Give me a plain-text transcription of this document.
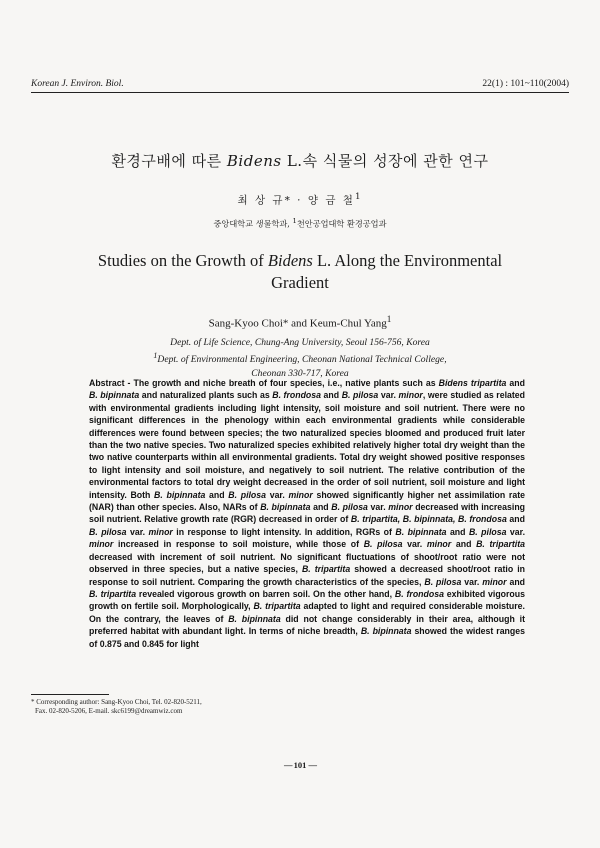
Korean J. Environ. Biol.	22(1) : 101~110(2004)
환경구배에 따른 Bidens L.속 식물의 성장에 관한 연구
최 상 규* · 양 금 철$^1$
중앙대학교 생물학과, $^1$천안공업대학 환경공업과
Studies on the Growth of Bidens L. Along the Environmental Gradient
Sang-Kyoo Choi* and Keum-Chul Yang$^1$
Dept. of Life Science, Chung-Ang University, Seoul 156-756, Korea
$^1$Dept. of Environmental Engineering, Cheonan National Technical College,
Cheonan 330-717, Korea

Abstract - The growth and niche breath of four species, i.e., native plants such as Bidens tripartita and B. bipinnata and naturalized plants such as B. frondosa and B. pilosa var. minor, were studied as related with environmental gradients including light intensity, soil moisture and soil nutrient. There were no significant differences in the phenology within each environmental gradients while considerable differences were found between species; the two naturalized species bloomed and produced fruit later than the two native species. Two naturalized species exhibited relatively higher total dry weight than the two native counterparts within all environmental gradients. Total dry weight showed positive responses to light intensity and soil moisture, and negatively to soil nutrient. The relative contribution of the environmental factors to total dry weight decreased in the order of soil nutrient, soil moisture and light intensity. Both B. bipinnata and B. pilosa var. minor showed significantly higher net assimilation rate (NAR) than other species. Also, NARs of B. bipinnata and B. pilosa var. minor decreased with increasing soil nutrient. Relative growth rate (RGR) decreased in order of B. tripartita, B. bipinnata, B. frondosa and B. pilosa var. minor in response to light intensity. In addition, RGRs of B. bipinnata and B. pilosa var. minor increased in response to soil moisture, while those of B. pilosa var. minor and B. tripartita decreased with increment of soil nutrient. No significant fluctuations of shoot/root ratio were not observed in three species, but a native species, B. tripartita showed a decreased shoot/root ratio in response to soil nutrient. Comparing the growth characteristics of the species, B. pilosa var. minor and B. tripartita revealed vigorous growth on barren soil. On the other hand, B. frondosa exhibited vigorous growth on fertile soil. Morphologically, B. tripartita adapted to light and required considerable moisture. On the contrary, the leaves of B. bipinnata did not change considerably in their area, although it preferred habitat with abundant light. In terms of niche breadth, B. bipinnata showed the widest ranges of 0.875 and 0.845 for light

* Corresponding author: Sang-Kyoo Choi, Tel. 02-820-5211,
Fax. 02-820-5206, E-mail. skc6199@dreamwiz.com
— 101 —
